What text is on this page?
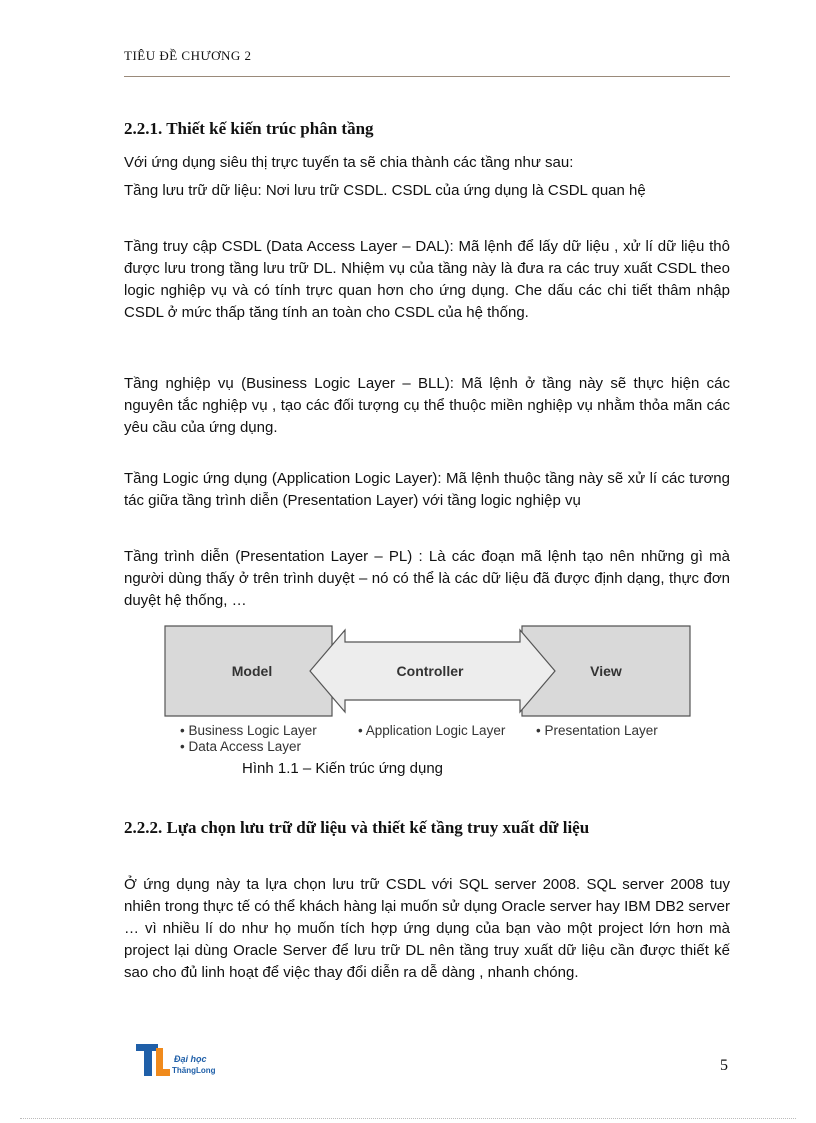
TIÊU ĐỀ CHƯƠNG 2
2.2.1. Thiết kế kiến trúc phân tầng
Với ứng dụng siêu thị trực tuyến ta sẽ chia thành các tầng như sau:
Tầng lưu trữ dữ liệu: Nơi lưu trữ CSDL. CSDL của ứng dụng là CSDL quan hệ
Tầng truy cập CSDL (Data Access Layer – DAL): Mã lệnh để lấy dữ liệu , xử lí dữ liệu thô được lưu trong tầng lưu trữ DL. Nhiệm vụ của tầng này là đưa ra các truy xuất CSDL theo logic nghiệp vụ và có tính trực quan hơn cho ứng dụng. Che dấu các chi tiết thâm nhập CSDL ở mức thấp tăng tính an toàn cho CSDL của hệ thống.
Tầng nghiệp vụ (Business Logic Layer – BLL): Mã lệnh ở tầng này sẽ thực hiện các nguyên tắc nghiệp vụ , tạo các đối tượng cụ thể thuộc miền nghiệp vụ nhằm thỏa mãn các yêu cầu của ứng dụng.
Tầng Logic ứng dụng (Application Logic Layer): Mã lệnh thuộc tầng này sẽ xử lí các tương tác giữa tầng trình diễn (Presentation Layer) với tầng logic nghiệp vụ
Tầng trình diễn (Presentation Layer – PL) : Là các đoạn mã lệnh tạo nên những gì mà người dùng thấy ở trên trình duyệt – nó có thể là các dữ liệu đã được định dạng, thực đơn duyệt hệ thống, …
Model	Controller	View
• Business Logic Layer
• Data Access Layer
• Application Logic Layer • Presentation Layer
Hình 1.1 – Kiến trúc ứng dụng
2.2.2. Lựa chọn lưu trữ dữ liệu và thiết kế tầng truy xuất dữ liệu
Ở ứng dụng này ta lựa chọn lưu trữ CSDL với SQL server 2008. SQL server 2008 tuy nhiên trong thực tế có thể khách hàng lại muốn sử dụng Oracle server hay IBM DB2 server … vì nhiều lí do như họ muốn tích hợp ứng dụng của bạn vào một project lớn hơn mà project lại dùng Oracle Server để lưu trữ DL nên tầng truy xuất dữ liệu cần được thiết kế sao cho đủ linh hoạt để việc thay đổi diễn ra dễ dàng , nhanh chóng.
Đại học
ThăngLong	5
